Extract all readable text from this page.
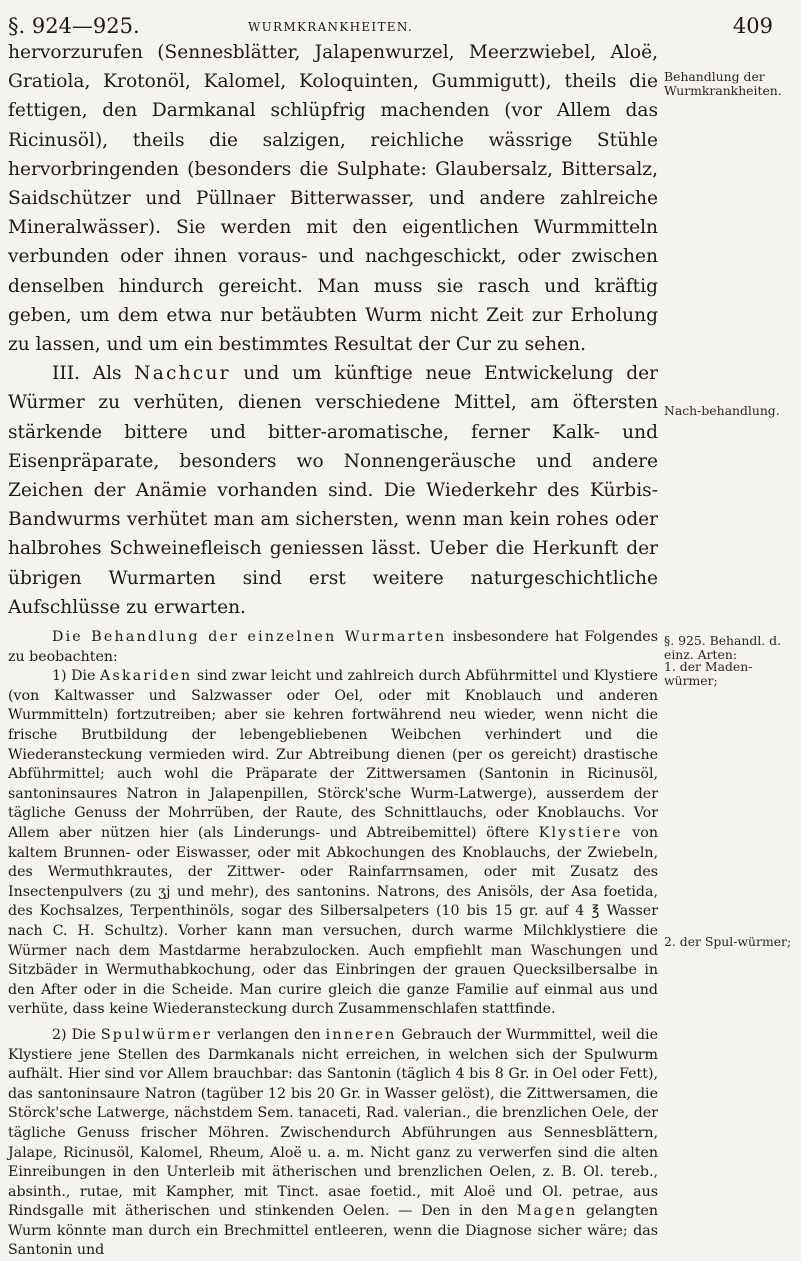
§. 924—925.	WURMKRANKHEITEN.	409

hervorzurufen (Sennesblätter, Jalapenwurzel, Meerzwiebel, Aloë, Gratiola, Krotonöl, Kalomel, Koloquinten, Gummigutt), theils die fettigen, den Darmkanal schlüpfrig machenden (vor Allem das Ricinusöl), theils die salzigen, reichliche wässrige Stühle hervorbringenden (besonders die Sulphate: Glaubersalz, Bittersalz, Saidschützer und Püllnaer Bitterwasser, und andere zahlreiche Mineralwässer). Sie werden mit den eigentlichen Wurmmitteln verbunden oder ihnen voraus- und nachgeschickt, oder zwischen denselben hindurch gereicht. Man muss sie rasch und kräftig geben, um dem etwa nur betäubten Wurm nicht Zeit zur Erholung zu lassen, und um ein bestimmtes Resultat der Cur zu sehen.

III. Als Nachcur und um künftige neue Entwickelung der Würmer zu verhüten, dienen verschiedene Mittel, am öftersten stärkende bittere und bitter-aromatische, ferner Kalk- und Eisenpräparate, besonders wo Nonnengeräusche und andere Zeichen der Anämie vorhanden sind. Die Wiederkehr des Kürbis-Bandwurms verhütet man am sichersten, wenn man kein rohes oder halbrohes Schweinefleisch geniessen lässt. Ueber die Herkunft der übrigen Wurmarten sind erst weitere naturgeschichtliche Aufschlüsse zu erwarten.

Die Behandlung der einzelnen Wurmarten insbesondere hat Folgendes zu beobachten:

1) Die Askariden sind zwar leicht und zahlreich durch Abführmittel und Klystiere (von Kaltwasser und Salzwasser oder Oel, oder mit Knoblauch und anderen Wurmmitteln) fortzutreiben; aber sie kehren fortwährend neu wieder, wenn nicht die frische Brutbildung der lebengebliebenen Weibchen verhindert und die Wiederansteckung vermieden wird. Zur Abtreibung dienen (per os gereicht) drastische Abführmittel; auch wohl die Präparate der Zittwersamen (Santonin in Ricinusöl, santoninsaures Natron in Jalapenpillen, Störck'sche Wurm-Latwerge), ausserdem der tägliche Genuss der Mohrrüben, der Raute, des Schnittlauchs, oder Knoblauchs. Vor Allem aber nützen hier (als Linderungs- und Abtreibemittel) öftere Klystiere von kaltem Brunnen- oder Eiswasser, oder mit Abkochungen des Knoblauchs, der Zwiebeln, des Wermuthkrautes, der Zittwer- oder Rainfarrnsamen, oder mit Zusatz des Insectenpulvers (zu ʒj und mehr), des santonins. Natrons, des Anisöls, der Asa foetida, des Kochsalzes, Terpenthinöls, sogar des Silbersalpeters (10 bis 15 gr. auf 4 ℥ Wasser nach C. H. Schultz). Vorher kann man versuchen, durch warme Milchklystiere die Würmer nach dem Mastdarme herabzulocken. Auch empfiehlt man Waschungen und Sitzbäder in Wermuthabkochung, oder das Einbringen der grauen Quecksilbersalbe in den After oder in die Scheide. Man curire gleich die ganze Familie auf einmal aus und verhüte, dass keine Wiederansteckung durch Zusammenschlafen stattfinde.

2) Die Spulwürmer verlangen den inneren Gebrauch der Wurmmittel, weil die Klystiere jene Stellen des Darmkanals nicht erreichen, in welchen sich der Spulwurm aufhält. Hier sind vor Allem brauchbar: das Santonin (täglich 4 bis 8 Gr. in Oel oder Fett), das santoninsaure Natron (tagüber 12 bis 20 Gr. in Wasser gelöst), die Zittwersamen, die Störck'sche Latwerge, nächstdem Sem. tanaceti, Rad. valerian., die brenzlichen Oele, der tägliche Genuss frischer Möhren. Zwischendurch Abführungen aus Sennesblättern, Jalape, Ricinusöl, Kalomel, Rheum, Aloë u. a. m. Nicht ganz zu verwerfen sind die alten Einreibungen in den Unterleib mit ätherischen und brenzlichen Oelen, z. B. Ol. tereb., absinth., rutae, mit Kampher, mit Tinct. asae foetid., mit Aloë und Ol. petrae, aus Rindsgalle mit ätherischen und stinkenden Oelen. — Den in den Magen gelangten Wurm könnte man durch ein Brechmittel entleeren, wenn die Diagnose sicher wäre; das Santonin und

Behandlung der Wurmkrankheiten.
Nach-behandlung.
§. 925. Behandl. d. einz. Arten:
1. der Maden-würmer;
2. der Spul-würmer;
